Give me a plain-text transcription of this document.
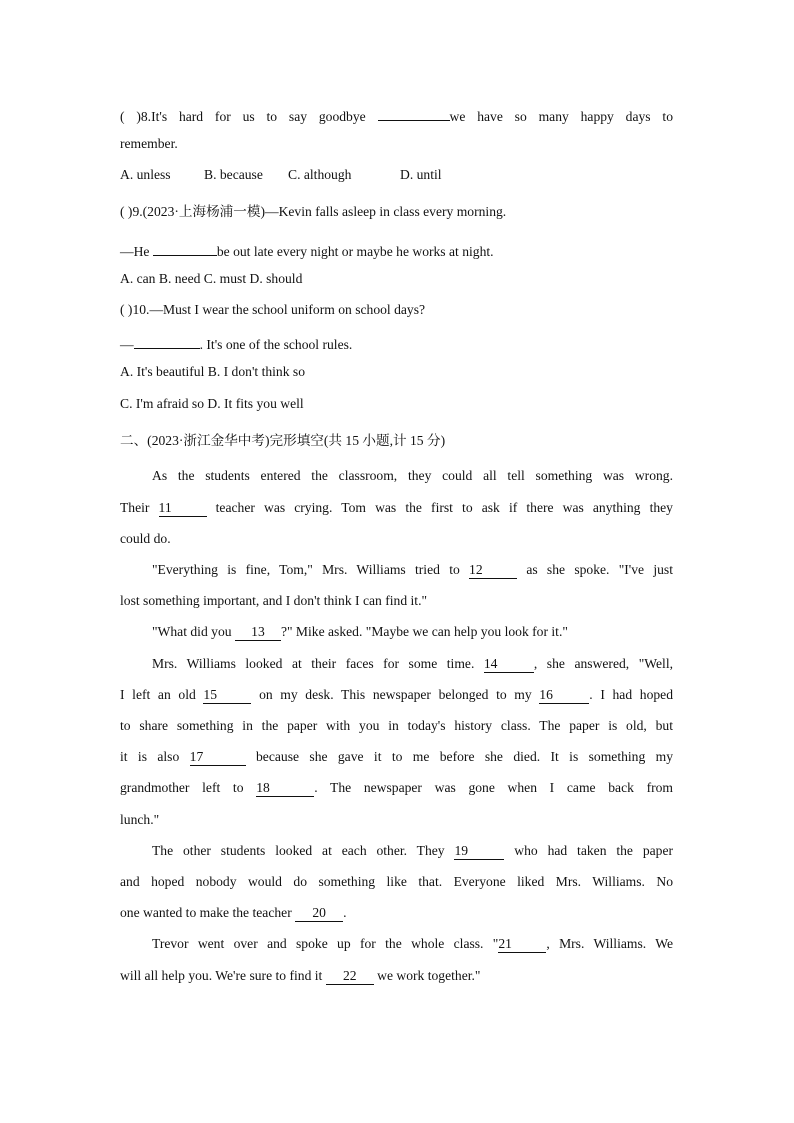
( )8.It's hard for us to say goodbye	we have so many happy days to
remember.
A. unless B. because C. although	D. until
( )9.(2023·上海杨浦一模)—Kevin falls asleep in class every morning.
—He	be out late every night or maybe he works at night.
A. can B. need C. must D. should
( )10.—Must I wear the school uniform on school days?
—	. It's one of the school rules.
A. It's beautiful B. I don't think so
C. I'm afraid so D. It fits you well
二、(2023·浙江金华中考)完形填空(共 15 小题,计 15 分)
As the students entered the classroom, they could all tell something was wrong.
Their 11	teacher was crying. Tom was the first to ask if there was anything they
could do.
"Everything is fine, Tom," Mrs. Williams tried to 12	as she spoke. "I've just
lost something important, and I don't think I can find it."
"What did you 13 ?" Mike asked. "Maybe we can help you look for it."
Mrs. Williams looked at their faces for some time. 14	, she answered, "Well,
I left an old 15	on my desk. This newspaper belonged to my 16	. I had hoped
to share something in the paper with you in today's history class. The paper is old, but
it is also 17	because she gave it to me before she died. It is something my
grandmother left to 18	. The newspaper was gone when I came back from
lunch."
The other students looked at each other. They 19	who had taken the paper
and hoped nobody would do something like that. Everyone liked Mrs. Williams. No
one wanted to make the teacher 20 .
Trevor went over and spoke up for the whole class. "21	, Mrs. Williams. We
will all help you. We're sure to find it 22 we work together."
